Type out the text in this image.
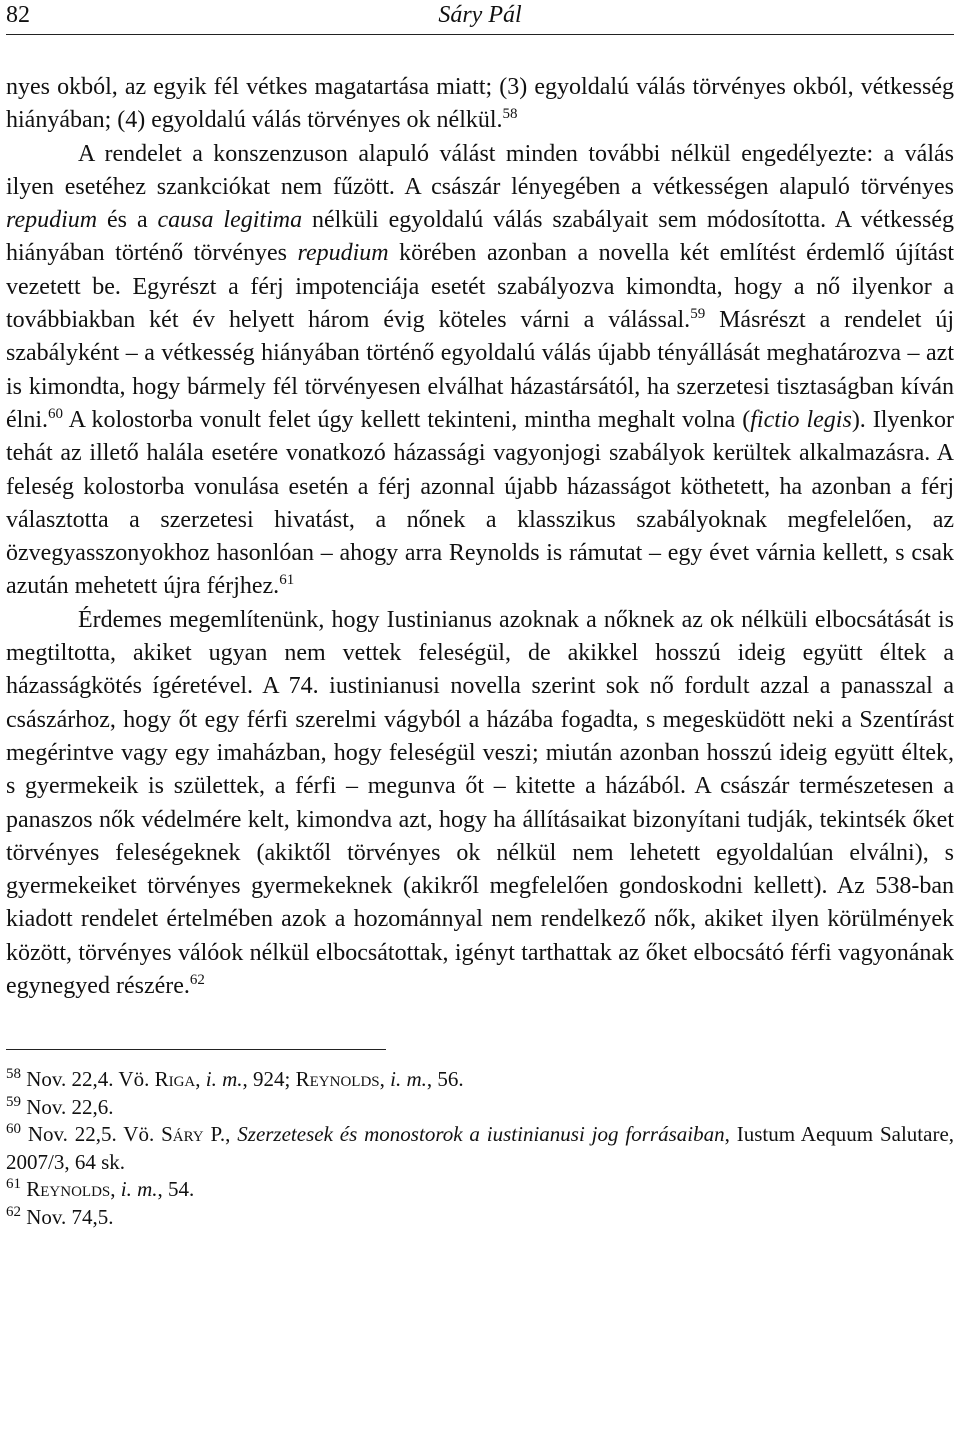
82	Sáry Pál

nyes okból, az egyik fél vétkes magatartása miatt; (3) egyoldalú válás törvényes okból, vétkesség hiányában; (4) egyoldalú válás törvényes ok nélkül.$^{58}$

A rendelet a konszenzuson alapuló válást minden további nélkül engedélyezte: a válás ilyen esetéhez szankciókat nem fűzött. A császár lényegében a vétkességen alapuló törvényes repudium és a causa legitima nélküli egyoldalú válás szabályait sem módosította. A vétkesség hiányában történő törvényes repudium körében azonban a novella két említést érdemlő újítást vezetett be. Egyrészt a férj impotenciája esetét szabályozva kimondta, hogy a nő ilyenkor a továbbiakban két év helyett három évig köteles várni a válással.$^{59}$ Másrészt a rendelet új szabályként – a vétkesség hiányában történő egyoldalú válás újabb tényállását meghatározva – azt is kimondta, hogy bármely fél törvényesen elválhat házastársától, ha szerzetesi tisztaságban kíván élni.$^{60}$ A kolostorba vonult felet úgy kellett tekinteni, mintha meghalt volna (fictio legis). Ilyenkor tehát az illető halála esetére vonatkozó házassági vagyonjogi szabályok kerültek alkalmazásra. A feleség kolostorba vonulása esetén a férj azonnal újabb házasságot köthetett, ha azonban a férj választotta a szerzetesi hivatást, a nőnek a klasszikus szabályoknak megfelelően, az özvegyasszonyokhoz hasonlóan – ahogy arra Reynolds is rámutat – egy évet várnia kellett, s csak azután mehetett újra férjhez.$^{61}$

Érdemes megemlítenünk, hogy Iustinianus azoknak a nőknek az ok nélküli elbocsátását is megtiltotta, akiket ugyan nem vettek feleségül, de akikkel hosszú ideig együtt éltek a házasságkötés ígéretével. A 74. iustinianusi novella szerint sok nő fordult azzal a panasszal a császárhoz, hogy őt egy férfi szerelmi vágyból a házába fogadta, s megesküdött neki a Szentírást megérintve vagy egy imaházban, hogy feleségül veszi; miután azonban hosszú ideig együtt éltek, s gyermekeik is születtek, a férfi – megunva őt – kitette a házából. A császár természetesen a panaszos nők védelmére kelt, kimondva azt, hogy ha állításaikat bizonyítani tudják, tekintsék őket törvényes feleségeknek (akiktől törvényes ok nélkül nem lehetett egyoldalúan elválni), s gyermekeiket törvényes gyermekeknek (akikről megfelelően gondoskodni kellett). Az 538-ban kiadott rendelet értelmében azok a hozománnyal nem rendelkező nők, akiket ilyen körülmények között, törvényes válóok nélkül elbocsátottak, igényt tarthattak az őket elbocsátó férfi vagyonának egynegyed részére.$^{62}$

$^{58}$ Nov. 22,4. Vö. Riga, i. m., 924; Reynolds, i. m., 56.

$^{59}$ Nov. 22,6.

$^{60}$ Nov. 22,5. Vö. Sáry P., Szerzetesek és monostorok a iustinianusi jog forrásaiban, Iustum Aequum Salutare, 2007/3, 64 sk.

$^{61}$ Reynolds, i. m., 54.

$^{62}$ Nov. 74,5.
